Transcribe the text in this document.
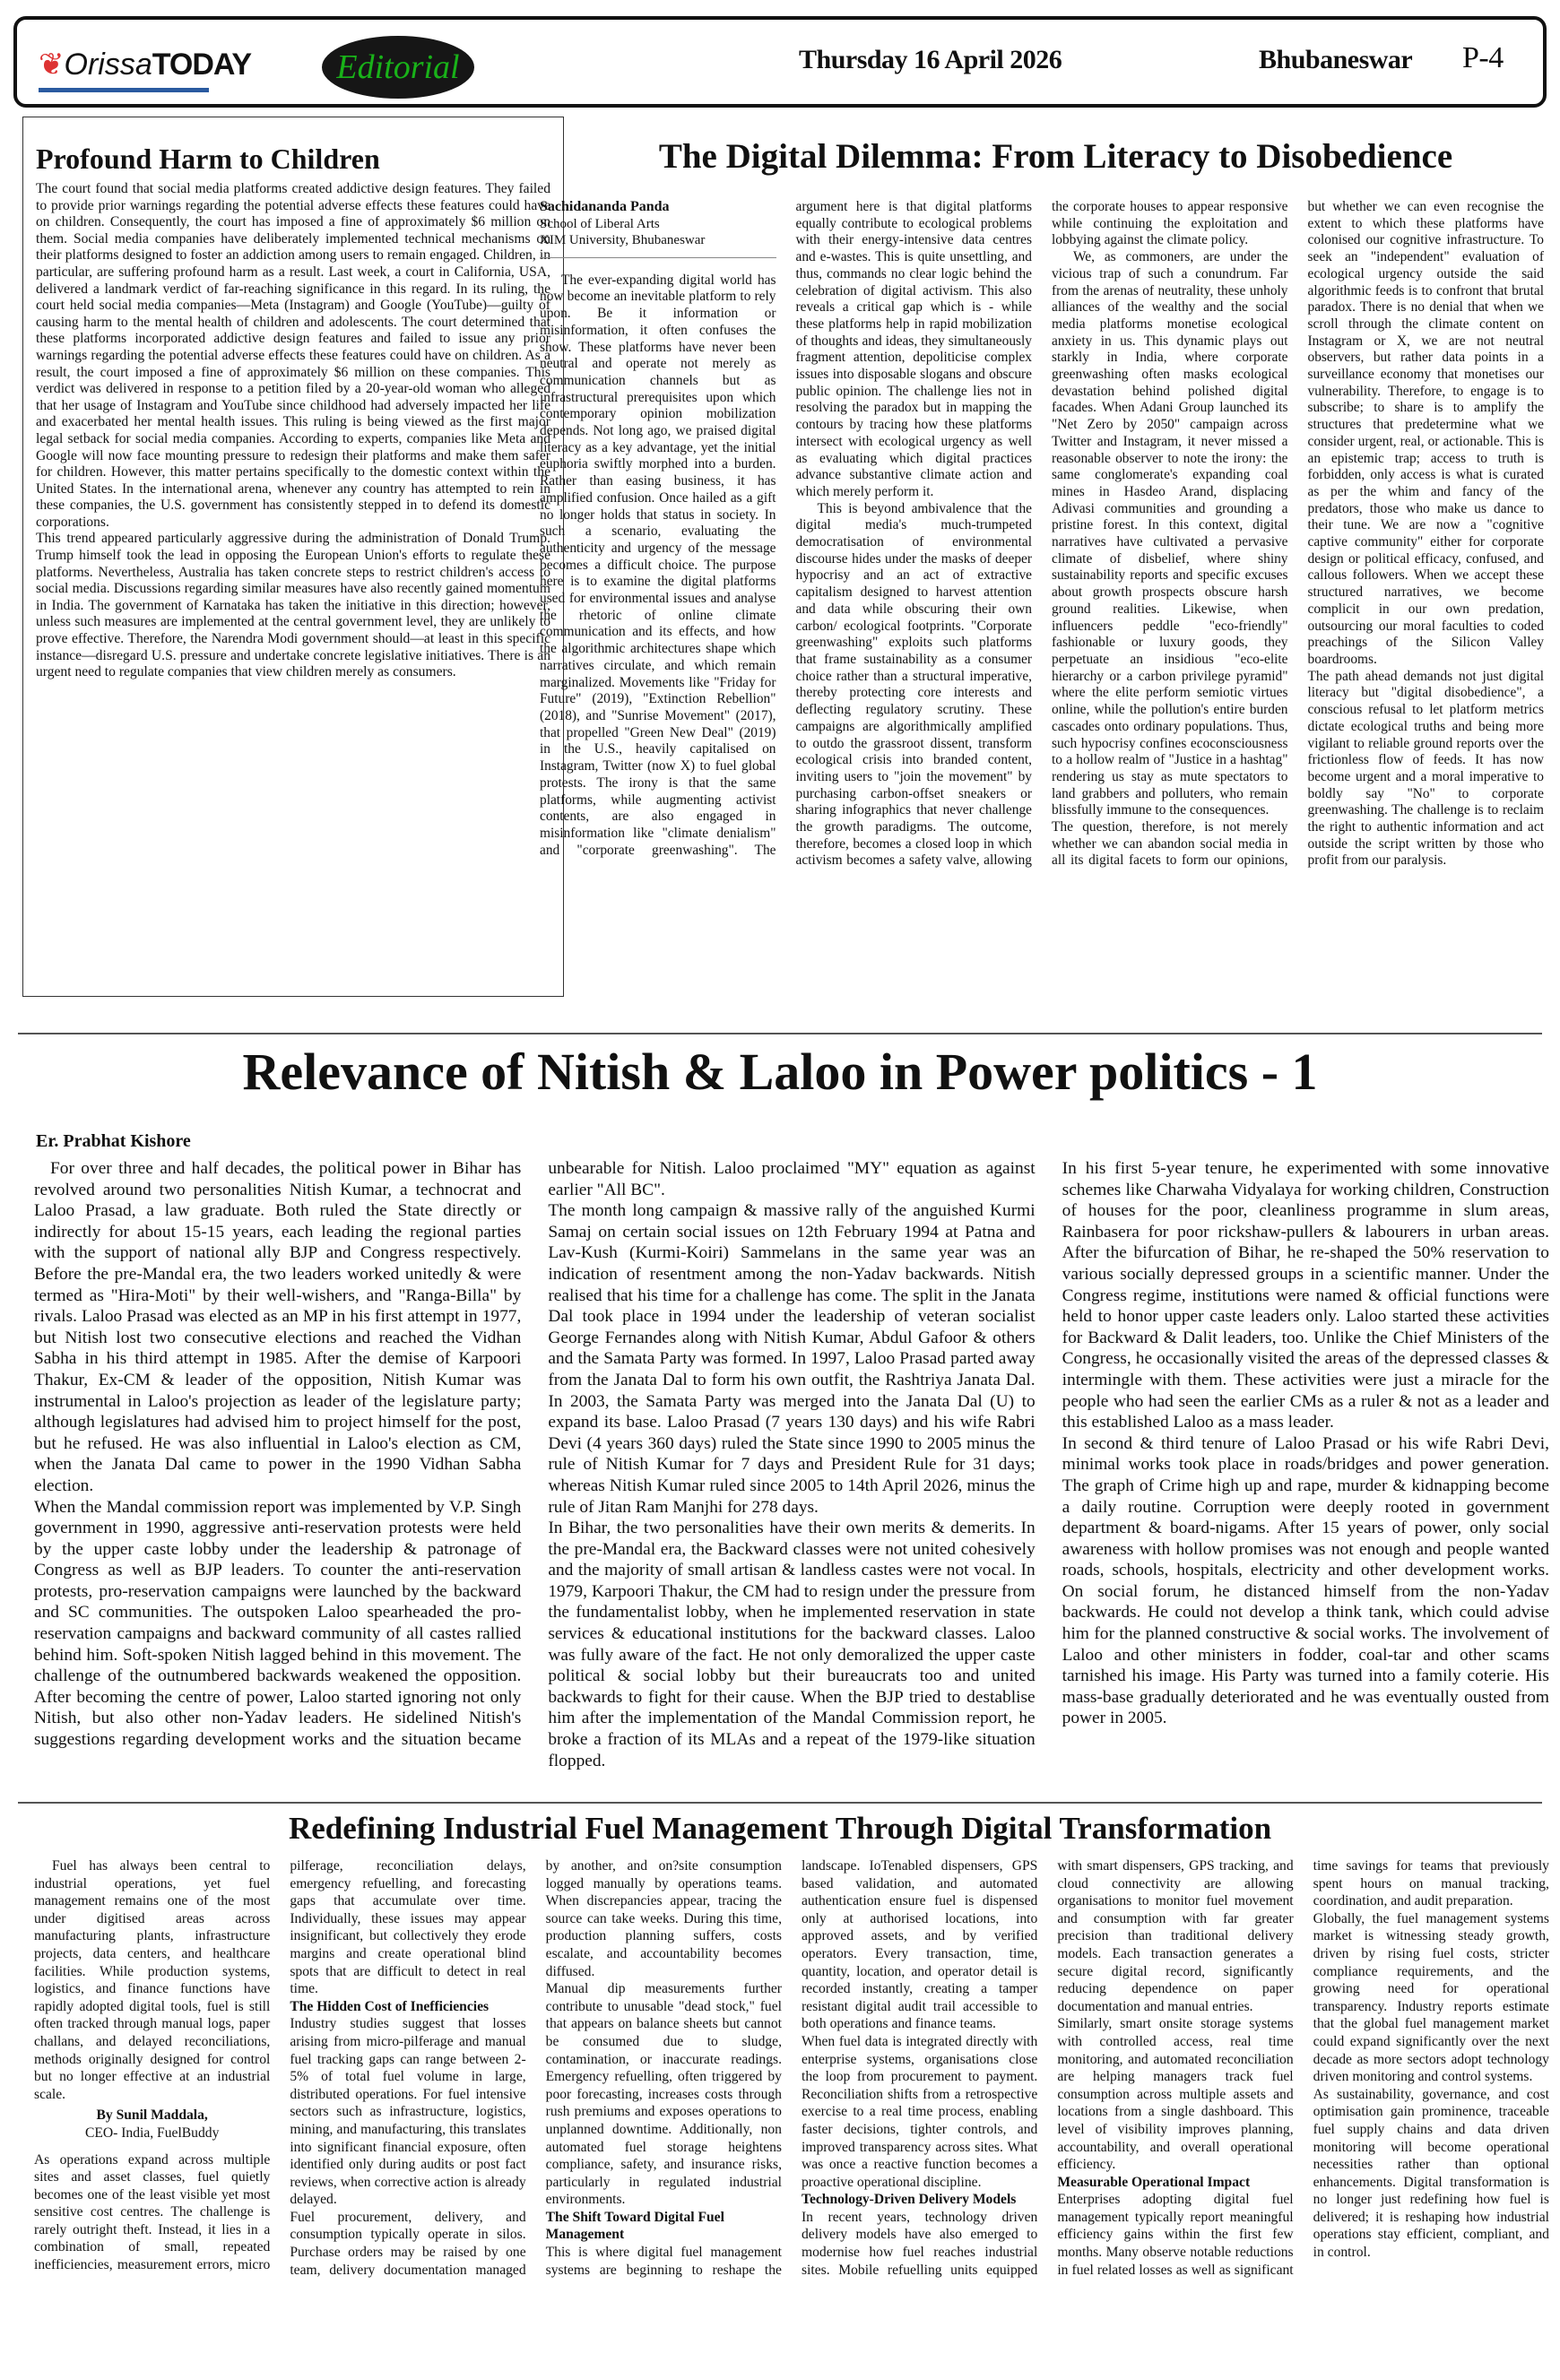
❦OrissaTODAY	Editorial	Thursday 16 April 2026	Bhubaneswar P-4
Profound Harm to Children

The court found that social media platforms created addictive design features. They failed to provide prior warnings regarding the potential adverse effects these features could have on children. Consequently, the court has imposed a fine of approximately $6 million on them. Social media companies have deliberately implemented technical mechanisms on their platforms designed to foster an addiction among users to remain engaged. Children, in particular, are suffering profound harm as a result. Last week, a court in California, USA, delivered a landmark verdict of far-reaching significance in this regard. In its ruling, the court held social media companies—Meta (Instagram) and Google (YouTube)—guilty of causing harm to the mental health of children and adolescents. The court determined that these platforms incorporated addictive design features and failed to issue any prior warnings regarding the potential adverse effects these features could have on children. As a result, the court imposed a fine of approximately $6 million on these companies. This verdict was delivered in response to a petition filed by a 20-year-old woman who alleged that her usage of Instagram and YouTube since childhood had adversely impacted her life and exacerbated her mental health issues. This ruling is being viewed as the first major legal setback for social media companies. According to experts, companies like Meta and Google will now face mounting pressure to redesign their platforms and make them safer for children. However, this matter pertains specifically to the domestic context within the United States. In the international arena, whenever any country has attempted to rein in these companies, the U.S. government has consistently stepped in to defend its domestic corporations.

This trend appeared particularly aggressive during the administration of Donald Trump. Trump himself took the lead in opposing the European Union's efforts to regulate these platforms. Nevertheless, Australia has taken concrete steps to restrict children's access to social media. Discussions regarding similar measures have also recently gained momentum in India. The government of Karnataka has taken the initiative in this direction; however, unless such measures are implemented at the central government level, they are unlikely to prove effective. Therefore, the Narendra Modi government should—at least in this specific instance—disregard U.S. pressure and undertake concrete legislative initiatives. There is an urgent need to regulate companies that view children merely as consumers.

The Digital Dilemma: From Literacy to Disobedience
Sachidananda Panda
School of Liberal Arts
XIM University, Bhubaneswar

The ever-expanding digital world has now become an inevitable platform to rely upon. Be it information or misinformation, it often confuses the show. These platforms have never been neutral and operate not merely as communication channels but as infrastructural prerequisites upon which contemporary opinion mobilization depends. Not long ago, we praised digital literacy as a key advantage, yet the initial euphoria swiftly morphed into a burden. Rather than easing business, it has amplified confusion. Once hailed as a gift no longer holds that status in society. In such a scenario, evaluating the authenticity and urgency of the message becomes a difficult choice. The purpose here is to examine the digital platforms used for environmental issues and analyse the rhetoric of online climate communication and its effects, and how the algorithmic architectures shape which narratives circulate, and which remain marginalized. Movements like "Friday for Future" (2019), "Extinction Rebellion" (2018), and "Sunrise Movement" (2017), that propelled "Green New Deal" (2019) in the U.S., heavily capitalised on Instagram, Twitter (now X) to fuel global protests. The irony is that the same platforms, while augmenting activist contents, are also engaged in misinformation like "climate denialism" and "corporate greenwashing". The argument here is that digital platforms equally contribute to ecological problems with their energy-intensive data centres and e-wastes. This is quite unsettling, and thus, commands no clear logic behind the celebration of digital activism. This also reveals a critical gap which is - while these platforms help in rapid mobilization of thoughts and ideas, they simultaneously fragment attention, depoliticise complex issues into disposable slogans and obscure public opinion. The challenge lies not in resolving the paradox but in mapping the contours by tracing how these platforms intersect with ecological urgency as well as evaluating which digital practices advance substantive climate action and which merely perform it.

This is beyond ambivalence that the digital media's much-trumpeted democratisation of environmental discourse hides under the masks of deeper hypocrisy and an act of extractive capitalism designed to harvest attention and data while obscuring their own carbon/ ecological footprints. "Corporate greenwashing" exploits such platforms that frame sustainability as a consumer choice rather than a structural imperative, thereby protecting core interests and deflecting regulatory scrutiny. These campaigns are algorithmically amplified to outdo the grassroot dissent, transform ecological crisis into branded content, inviting users to "join the movement" by purchasing carbon-offset sneakers or sharing infographics that never challenge the growth paradigms. The outcome, therefore, becomes a closed loop in which activism becomes a safety valve, allowing the corporate houses to appear responsive while continuing the exploitation and lobbying against the climate policy.

We, as commoners, are under the vicious trap of such a conundrum. Far from the arenas of neutrality, these unholy alliances of the wealthy and the social media platforms monetise ecological anxiety in us. This dynamic plays out starkly in India, where corporate greenwashing often masks ecological devastation behind polished digital facades. When Adani Group launched its "Net Zero by 2050" campaign across Twitter and Instagram, it never missed a reasonable observer to note the irony: the same conglomerate's expanding coal mines in Hasdeo Arand, displacing Adivasi communities and grounding a pristine forest. In this context, digital narratives have cultivated a pervasive climate of disbelief, where shiny sustainability reports and specific excuses about growth prospects obscure harsh ground realities. Likewise, when influencers peddle "eco-friendly" fashionable or luxury goods, they perpetuate an insidious "eco-elite hierarchy or a carbon privilege pyramid" where the elite perform semiotic virtues online, while the pollution's entire burden cascades onto ordinary populations. Thus, such hypocrisy confines ecoconsciousness to a hollow realm of "Justice in a hashtag" rendering us stay as mute spectators to land grabbers and polluters, who remain blissfully immune to the consequences.

The question, therefore, is not merely whether we can abandon social media in all its digital facets to form our opinions, but whether we can even recognise the extent to which these platforms have colonised our cognitive infrastructure. To seek an "independent" evaluation of ecological urgency outside the said algorithmic feeds is to confront that brutal paradox. There is no denial that when we scroll through the climate content on Instagram or X, we are not neutral observers, but rather data points in a surveillance economy that monetises our vulnerability. Therefore, to engage is to subscribe; to share is to amplify the structures that predetermine what we consider urgent, real, or actionable. This is an epistemic trap; access to truth is forbidden, only access is what is curated as per the whim and fancy of the predators, those who make us dance to their tune. We are now a "cognitive captive community" either for corporate design or political efficacy, confused, and callous followers. When we accept these structured narratives, we become complicit in our own predation, outsourcing our moral faculties to coded preachings of the Silicon Valley boardrooms.

The path ahead demands not just digital literacy but "digital disobedience", a conscious refusal to let platform metrics dictate ecological truths and being more vigilant to reliable ground reports over the frictionless flow of feeds. It has now become urgent and a moral imperative to boldly say "No" to corporate greenwashing. The challenge is to reclaim the right to authentic information and act outside the script written by those who profit from our paralysis.

Relevance of Nitish & Laloo in Power politics - 1
Er. Prabhat Kishore

For over three and half decades, the political power in Bihar has revolved around two personalities Nitish Kumar, a technocrat and Laloo Prasad, a law graduate. Both ruled the State directly or indirectly for about 15-15 years, each leading the regional parties with the support of national ally BJP and Congress respectively. Before the pre-Mandal era, the two leaders worked unitedly & were termed as "Hira-Moti" by their well-wishers, and "Ranga-Billa" by rivals. Laloo Prasad was elected as an MP in his first attempt in 1977, but Nitish lost two consecutive elections and reached the Vidhan Sabha in his third attempt in 1985. After the demise of Karpoori Thakur, Ex-CM & leader of the opposition, Nitish Kumar was instrumental in Laloo's projection as leader of the legislature party; although legislatures had advised him to project himself for the post, but he refused. He was also influential in Laloo's election as CM, when the Janata Dal came to power in the 1990 Vidhan Sabha election.

When the Mandal commission report was implemented by V.P. Singh government in 1990, aggressive anti-reservation protests were held by the upper caste lobby under the leadership & patronage of Congress as well as BJP leaders. To counter the anti-reservation protests, pro-reservation campaigns were launched by the backward and SC communities. The outspoken Laloo spearheaded the pro-reservation campaigns and backward community of all castes rallied behind him. Soft-spoken Nitish lagged behind in this movement. The challenge of the outnumbered backwards weakened the opposition. After becoming the centre of power, Laloo started ignoring not only Nitish, but also other non-Yadav leaders. He sidelined Nitish's suggestions regarding development works and the situation became unbearable for Nitish. Laloo proclaimed "MY" equation as against earlier "All BC".

The month long campaign & massive rally of the anguished Kurmi Samaj on certain social issues on 12th February 1994 at Patna and Lav-Kush (Kurmi-Koiri) Sammelans in the same year was an indication of resentment among the non-Yadav backwards. Nitish realised that his time for a challenge has come. The split in the Janata Dal took place in 1994 under the leadership of veteran socialist George Fernandes along with Nitish Kumar, Abdul Gafoor & others and the Samata Party was formed. In 1997, Laloo Prasad parted away from the Janata Dal to form his own outfit, the Rashtriya Janata Dal. In 2003, the Samata Party was merged into the Janata Dal (U) to expand its base. Laloo Prasad (7 years 130 days) and his wife Rabri Devi (4 years 360 days) ruled the State since 1990 to 2005 minus the rule of Nitish Kumar for 7 days and President Rule for 31 days; whereas Nitish Kumar ruled since 2005 to 14th April 2026, minus the rule of Jitan Ram Manjhi for 278 days.

In Bihar, the two personalities have their own merits & demerits. In the pre-Mandal era, the Backward classes were not united cohesively and the majority of small artisan & landless castes were not vocal. In 1979, Karpoori Thakur, the CM had to resign under the pressure from the fundamentalist lobby, when he implemented reservation in state services & educational institutions for the backward classes. Laloo was fully aware of the fact. He not only demoralized the upper caste political & social lobby but their bureaucrats too and united backwards to fight for their cause. When the BJP tried to destablise him after the implementation of the Mandal Commission report, he broke a fraction of its MLAs and a repeat of the 1979-like situation flopped.

In his first 5-year tenure, he experimented with some innovative schemes like Charwaha Vidyalaya for working children, Construction of houses for the poor, cleanliness programme in slum areas, Rainbasera for poor rickshaw-pullers & labourers in urban areas. After the bifurcation of Bihar, he re-shaped the 50% reservation to various socially depressed groups in a scientific manner. Under the Congress regime, institutions were named & official functions were held to honor upper caste leaders only. Laloo started these activities for Backward & Dalit leaders, too. Unlike the Chief Ministers of the Congress, he occasionally visited the areas of the depressed classes & intermingle with them. These activities were just a miracle for the people who had seen the earlier CMs as a ruler & not as a leader and this established Laloo as a mass leader.

In second & third tenure of Laloo Prasad or his wife Rabri Devi, minimal works took place in roads/bridges and power generation. The graph of Crime high up and rape, murder & kidnapping become a daily routine. Corruption were deeply rooted in government department & board-nigams. After 15 years of power, only social awareness with hollow promises was not enough and people wanted roads, schools, hospitals, electricity and other development works. On social forum, he distanced himself from the non-Yadav backwards. He could not develop a think tank, which could advise him for the planned constructive & social works. The involvement of Laloo and other ministers in fodder, coal-tar and other scams tarnished his image. His Party was turned into a family coterie. His mass-base gradually deteriorated and he was eventually ousted from power in 2005.

Redefining Industrial Fuel Management Through Digital Transformation

Fuel has always been central to industrial operations, yet fuel management remains one of the most under digitised areas across manufacturing plants, infrastructure projects, data centers, and healthcare facilities. While production systems, logistics, and finance functions have rapidly adopted digital tools, fuel is still often tracked through manual logs, paper challans, and delayed reconciliations, methods originally designed for control but no longer effective at an industrial scale.

By Sunil Maddala,
CEO- India, FuelBuddy

As operations expand across multiple sites and asset classes, fuel quietly becomes one of the least visible yet most sensitive cost centres. The challenge is rarely outright theft. Instead, it lies in a combination of small, repeated inefficiencies, measurement errors, micro pilferage, reconciliation delays, emergency refuelling, and forecasting gaps that accumulate over time. Individually, these issues may appear insignificant, but collectively they erode margins and create operational blind spots that are difficult to detect in real time.

The Hidden Cost of Inefficiencies

Industry studies suggest that losses arising from micro-pilferage and manual fuel tracking gaps can range between 2-5% of total fuel volume in large, distributed operations. For fuel intensive sectors such as infrastructure, logistics, mining, and manufacturing, this translates into significant financial exposure, often identified only during audits or post fact reviews, when corrective action is already delayed.

Fuel procurement, delivery, and consumption typically operate in silos. Purchase orders may be raised by one team, delivery documentation managed by another, and on?site consumption logged manually by operations teams. When discrepancies appear, tracing the source can take weeks. During this time, production planning suffers, costs escalate, and accountability becomes diffused.

Manual dip measurements further contribute to unusable "dead stock," fuel that appears on balance sheets but cannot be consumed due to sludge, contamination, or inaccurate readings. Emergency refuelling, often triggered by poor forecasting, increases costs through rush premiums and exposes operations to unplanned downtime. Additionally, non automated fuel storage heightens compliance, safety, and insurance risks, particularly in regulated industrial environments.

The Shift Toward Digital Fuel Management

This is where digital fuel management systems are beginning to reshape the landscape. IoTenabled dispensers, GPS based validation, and automated authentication ensure fuel is dispensed only at authorised locations, into approved assets, and by verified operators. Every transaction, time, quantity, location, and operator detail is recorded instantly, creating a tamper resistant digital audit trail accessible to both operations and finance teams.

When fuel data is integrated directly with enterprise systems, organisations close the loop from procurement to payment. Reconciliation shifts from a retrospective exercise to a real time process, enabling faster decisions, tighter controls, and improved transparency across sites. What was once a reactive function becomes a proactive operational discipline.

Technology-Driven Delivery Models

In recent years, technology driven delivery models have also emerged to modernise how fuel reaches industrial sites. Mobile refuelling units equipped with smart dispensers, GPS tracking, and cloud connectivity are allowing organisations to monitor fuel movement and consumption with far greater precision than traditional delivery models. Each transaction generates a secure digital record, significantly reducing dependence on paper documentation and manual entries.

Similarly, smart onsite storage systems with controlled access, real time monitoring, and automated reconciliation are helping managers track fuel consumption across multiple assets and locations from a single dashboard. This level of visibility improves planning, accountability, and overall operational efficiency.

Measurable Operational Impact

Enterprises adopting digital fuel management typically report meaningful efficiency gains within the first few months. Many observe notable reductions in fuel related losses as well as significant time savings for teams that previously spent hours on manual tracking, coordination, and audit preparation.

Globally, the fuel management systems market is witnessing steady growth, driven by rising fuel costs, stricter compliance requirements, and the growing need for operational transparency. Industry reports estimate that the global fuel management market could expand significantly over the next decade as more sectors adopt technology driven monitoring and control systems.

As sustainability, governance, and cost optimisation gain prominence, traceable fuel supply chains and data driven monitoring will become operational necessities rather than optional enhancements. Digital transformation is no longer just redefining how fuel is delivered; it is reshaping how industrial operations stay efficient, compliant, and in control.
